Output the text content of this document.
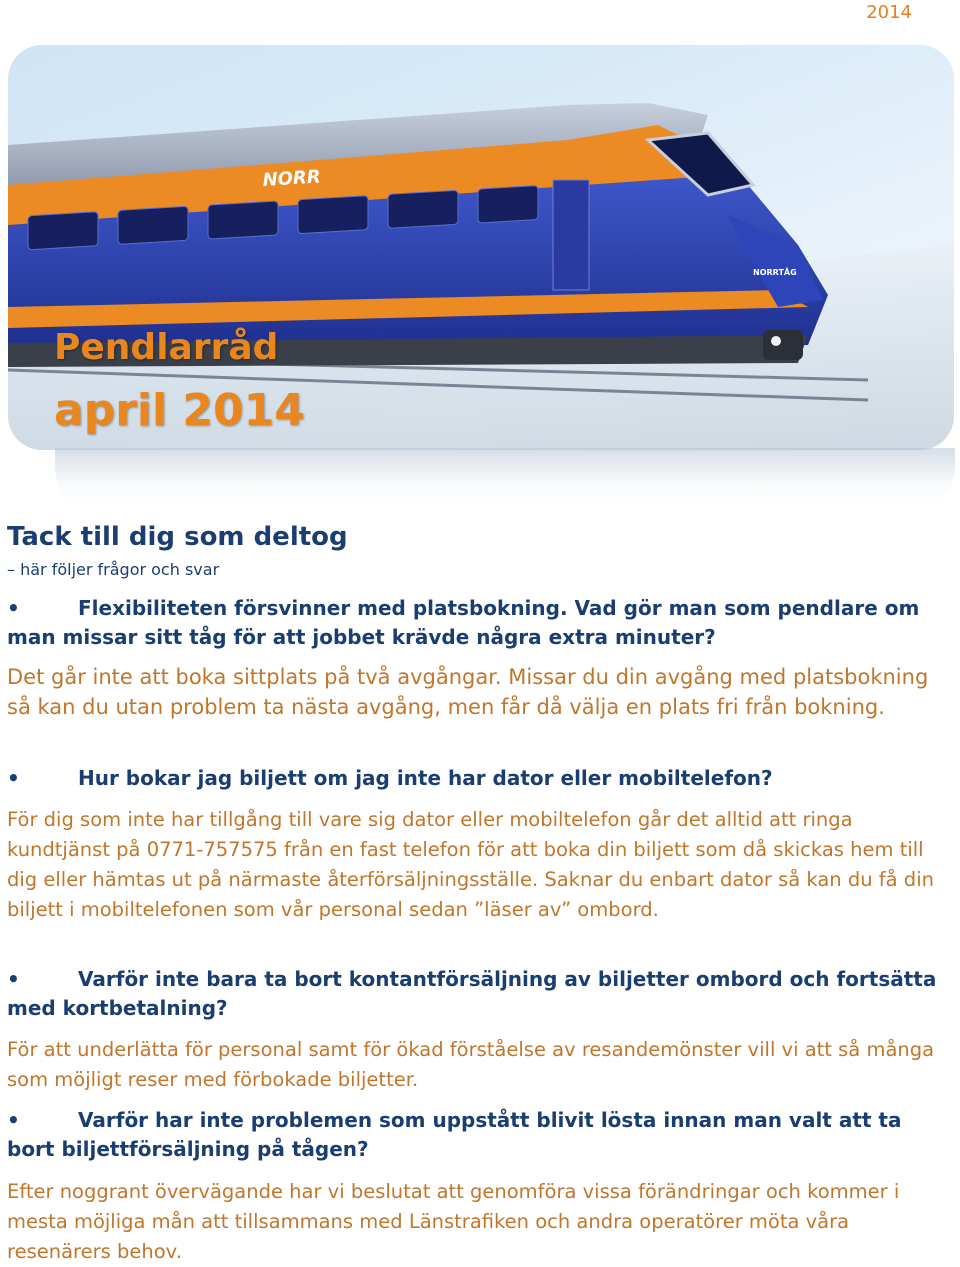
2014
NORRTÅG
NORRTÅG
Pendlarråd
april 2014
Tack till dig som deltog
– här följer frågor och svar
•	Flexibiliteten försvinner med platsbokning. Vad gör man som pendlare om man missar sitt tåg för att jobbet krävde några extra minuter?
Det går inte att boka sittplats på två avgångar. Missar du din avgång med platsbokning så kan du utan problem ta nästa avgång, men får då välja en plats fri från bokning.
•	Hur bokar jag biljett om jag inte har dator eller mobiltelefon?
För dig som inte har tillgång till vare sig dator eller mobiltelefon går det alltid att ringa kundtjänst på 0771-757575 från en fast telefon för att boka din biljett som då skickas hem till dig eller hämtas ut på närmaste återförsäljningsställe. Saknar du enbart dator så kan du få din biljett i mobiltelefonen som vår personal sedan ”läser av” ombord.
•	Varför inte bara ta bort kontantförsäljning av biljetter ombord och fortsätta med kortbetalning?
För att underlätta för personal samt för ökad förståelse av resandemönster vill vi att så många som möjligt reser med förbokade biljetter.
•	Varför har inte problemen som uppstått blivit lösta innan man valt att ta bort biljettförsäljning på tågen?
Efter noggrant övervägande har vi beslutat att genomföra vissa förändringar och kommer i mesta möjliga mån att tillsammans med Länstrafiken och andra operatörer möta våra resenärers behov.
